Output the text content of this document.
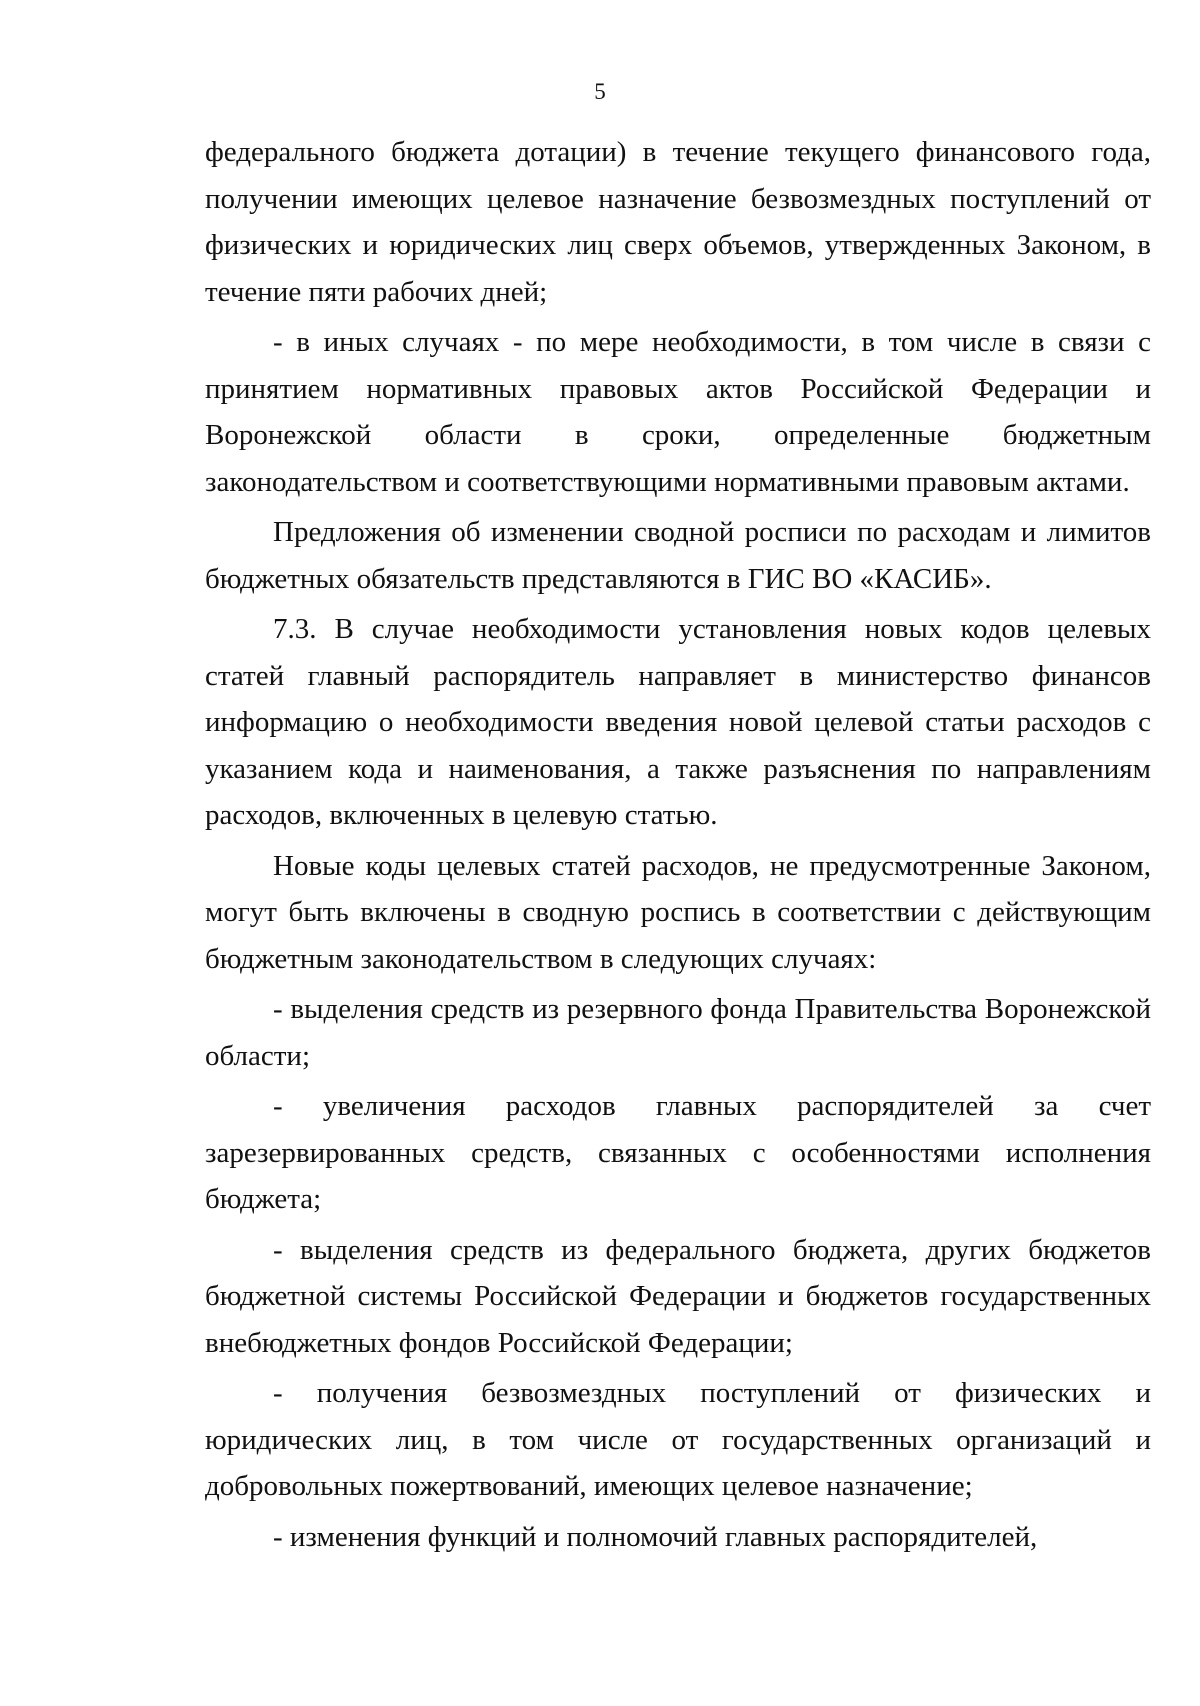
5

федерального бюджета дотации) в течение текущего финансового года, получении имеющих целевое назначение безвозмездных поступлений от физических и юридических лиц сверх объемов, утвержденных Законом, в течение пяти рабочих дней;

- в иных случаях - по мере необходимости, в том числе в связи с принятием нормативных правовых актов Российской Федерации и Воронежской области в сроки, определенные бюджетным законодательством и соответствующими нормативными правовым актами.

Предложения об изменении сводной росписи по расходам и лимитов бюджетных обязательств представляются в ГИС ВО «КАСИБ».

7.3. В случае необходимости установления новых кодов целевых статей главный распорядитель направляет в министерство финансов информацию о необходимости введения новой целевой статьи расходов с указанием кода и наименования, а также разъяснения по направлениям расходов, включенных в целевую статью.

Новые коды целевых статей расходов, не предусмотренные Законом, могут быть включены в сводную роспись в соответствии с действующим бюджетным законодательством в следующих случаях:

- выделения средств из резервного фонда Правительства Воронежской области;

- увеличения расходов главных распорядителей за счет зарезервированных средств, связанных с особенностями исполнения бюджета;

- выделения средств из федерального бюджета, других бюджетов бюджетной системы Российской Федерации и бюджетов государственных внебюджетных фондов Российской Федерации;

- получения безвозмездных поступлений от физических и юридических лиц, в том числе от государственных организаций и добровольных пожертвований, имеющих целевое назначение;

- изменения функций и полномочий главных распорядителей,
